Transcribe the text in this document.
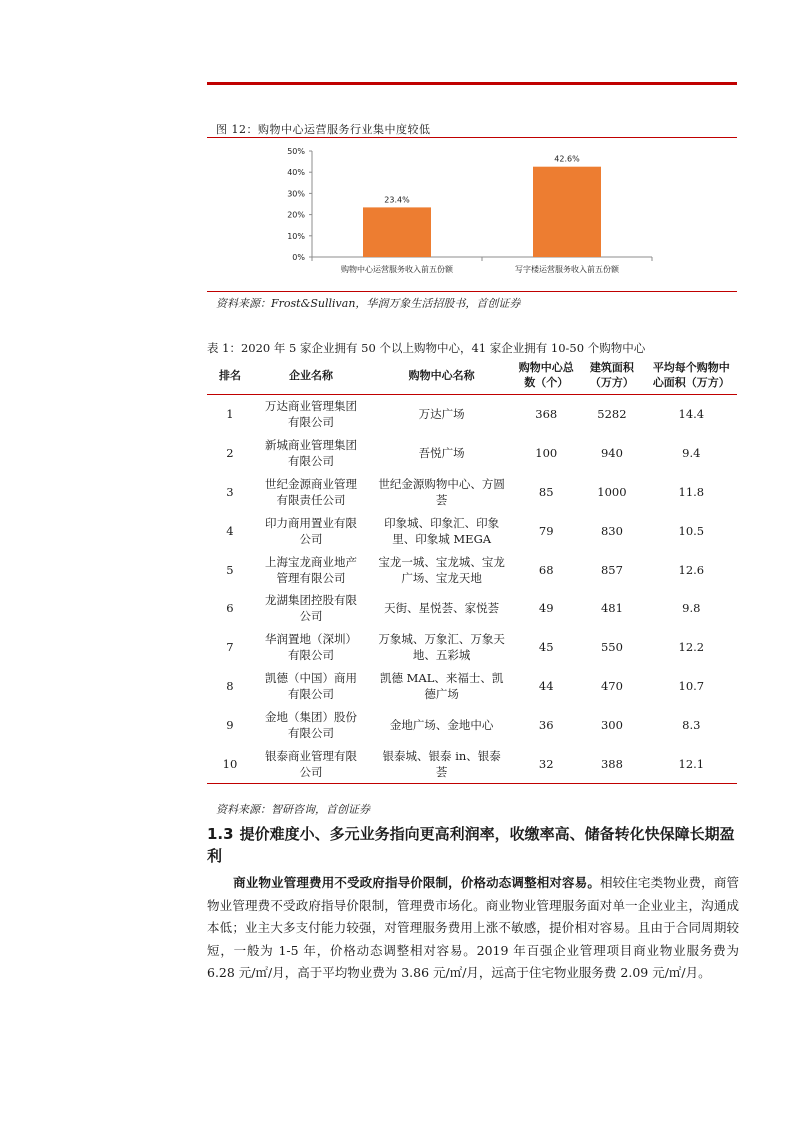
图 12：购物中心运营服务行业集中度较低
0%
10%
20%
30%
40%
50%
23.4%
购物中心运营服务收入前五份额
42.6%
写字楼运营服务收入前五份额
资料来源：Frost&Sullivan，华润万象生活招股书，首创证券
表 1：2020 年 5 家企业拥有 50 个以上购物中心，41 家企业拥有 10-50 个购物中心
排名	企业名称	购物中心名称	购物中心总数（个）	建筑面积（万方）	平均每个购物中心面积（万方）
1	万达商业管理集团有限公司	万达广场	368	5282	14.4
2	新城商业管理集团有限公司	吾悦广场	100	940	9.4
3	世纪金源商业管理有限责任公司	世纪金源购物中心、方圆荟	85	1000	11.8
4	印力商用置业有限公司	印象城、印象汇、印象里、印象城 MEGA	79	830	10.5
5	上海宝龙商业地产管理有限公司	宝龙一城、宝龙城、宝龙广场、宝龙天地	68	857	12.6
6	龙湖集团控股有限公司	天街、星悦荟、家悦荟	49	481	9.8
7	华润置地（深圳）有限公司	万象城、万象汇、万象天地、五彩城	45	550	12.2
8	凯德（中国）商用有限公司	凯德 MAL、来福士、凯德广场	44	470	10.7
9	金地（集团）股份有限公司	金地广场、金地中心	36	300	8.3
10	银泰商业管理有限公司	银泰城、银泰 in、银泰荟	32	388	12.1
资料来源：智研咨询，首创证券
1.3 提价难度小、多元业务指向更高利润率，收缴率高、储备转化快保障长期盈利
商业物业管理费用不受政府指导价限制，价格动态调整相对容易。相较住宅类物业费，商管物业管理费不受政府指导价限制，管理费市场化。商业物业管理服务面对单一企业业主，沟通成本低；业主大多支付能力较强，对管理服务费用上涨不敏感，提价相对容易。且由于合同周期较短，一般为 1-5 年，价格动态调整相对容易。2019 年百强企业管理项目商业物业服务费为 6.28 元/㎡/月，高于平均物业费为 3.86 元/㎡/月，远高于住宅物业服务费 2.09 元/㎡/月。
